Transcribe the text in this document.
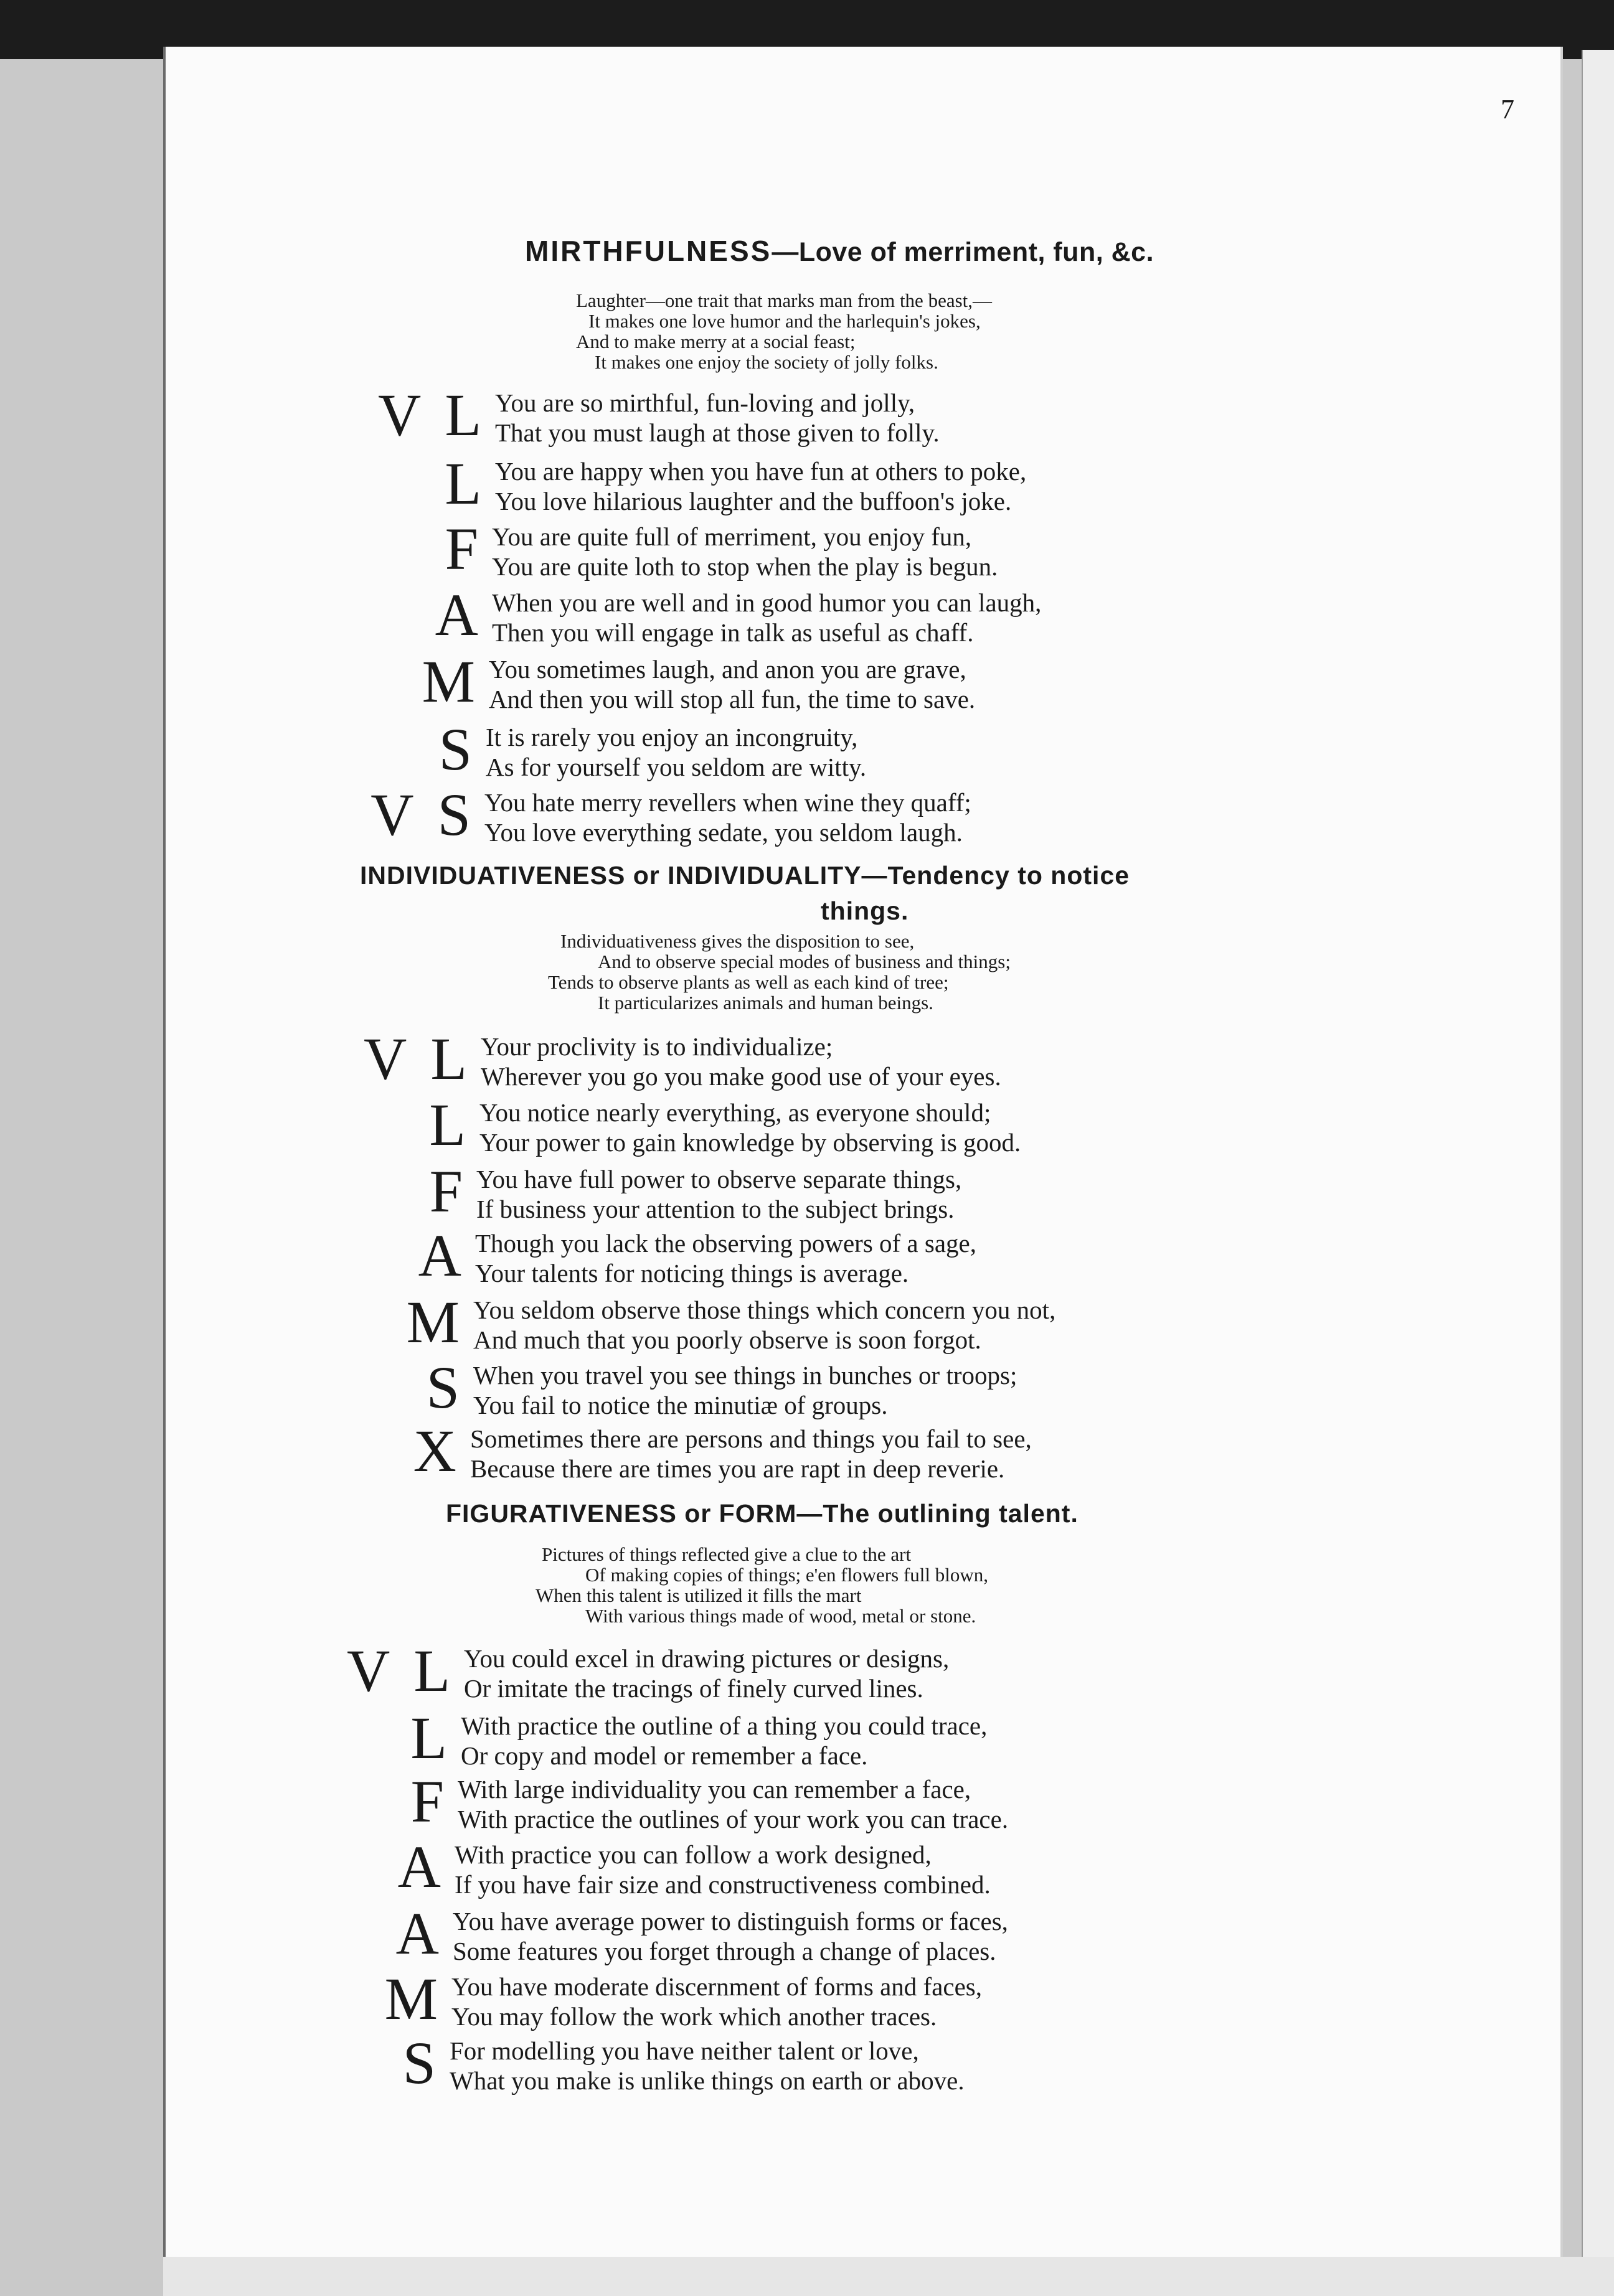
7
MIRTHFULNESS—Love of merriment, fun, &c.
Laughter—one trait that marks man from the beast,—
It makes one love humor and the harlequin's jokes,
And to make merry at a social feast;
It makes one enjoy the society of jolly folks.
V L You are so mirthful, fun-loving and jolly,
That you must laugh at those given to folly.
L You are happy when you have fun at others to poke,
You love hilarious laughter and the buffoon's joke.
F You are quite full of merriment, you enjoy fun,
You are quite loth to stop when the play is begun.
A When you are well and in good humor you can laugh,
Then you will engage in talk as useful as chaff.
M You sometimes laugh, and anon you are grave,
And then you will stop all fun, the time to save.
S It is rarely you enjoy an incongruity,
As for yourself you seldom are witty.
V S You hate merry revellers when wine they quaff;
You love everything sedate, you seldom laugh.
INDIVIDUATIVENESS or INDIVIDUALITY—Tendency to notice
things.
Individuativeness gives the disposition to see,
And to observe special modes of business and things;
Tends to observe plants as well as each kind of tree;
It particularizes animals and human beings.
V L Your proclivity is to individualize;
Wherever you go you make good use of your eyes.
L You notice nearly everything, as everyone should;
Your power to gain knowledge by observing is good.
F You have full power to observe separate things,
If business your attention to the subject brings.
A Though you lack the observing powers of a sage,
Your talents for noticing things is average.
M You seldom observe those things which concern you not,
And much that you poorly observe is soon forgot.
S When you travel you see things in bunches or troops;
You fail to notice the minutiæ of groups.
X Sometimes there are persons and things you fail to see,
Because there are times you are rapt in deep reverie.
FIGURATIVENESS or FORM—The outlining talent.
Pictures of things reflected give a clue to the art
Of making copies of things; e'en flowers full blown,
When this talent is utilized it fills the mart
With various things made of wood, metal or stone.
V L You could excel in drawing pictures or designs,
Or imitate the tracings of finely curved lines.
L With practice the outline of a thing you could trace,
Or copy and model or remember a face.
F With large individuality you can remember a face,
With practice the outlines of your work you can trace.
A With practice you can follow a work designed,
If you have fair size and constructiveness combined.
A You have average power to distinguish forms or faces,
Some features you forget through a change of places.
M You have moderate discernment of forms and faces,
You may follow the work which another traces.
S For modelling you have neither talent or love,
What you make is unlike things on earth or above.
